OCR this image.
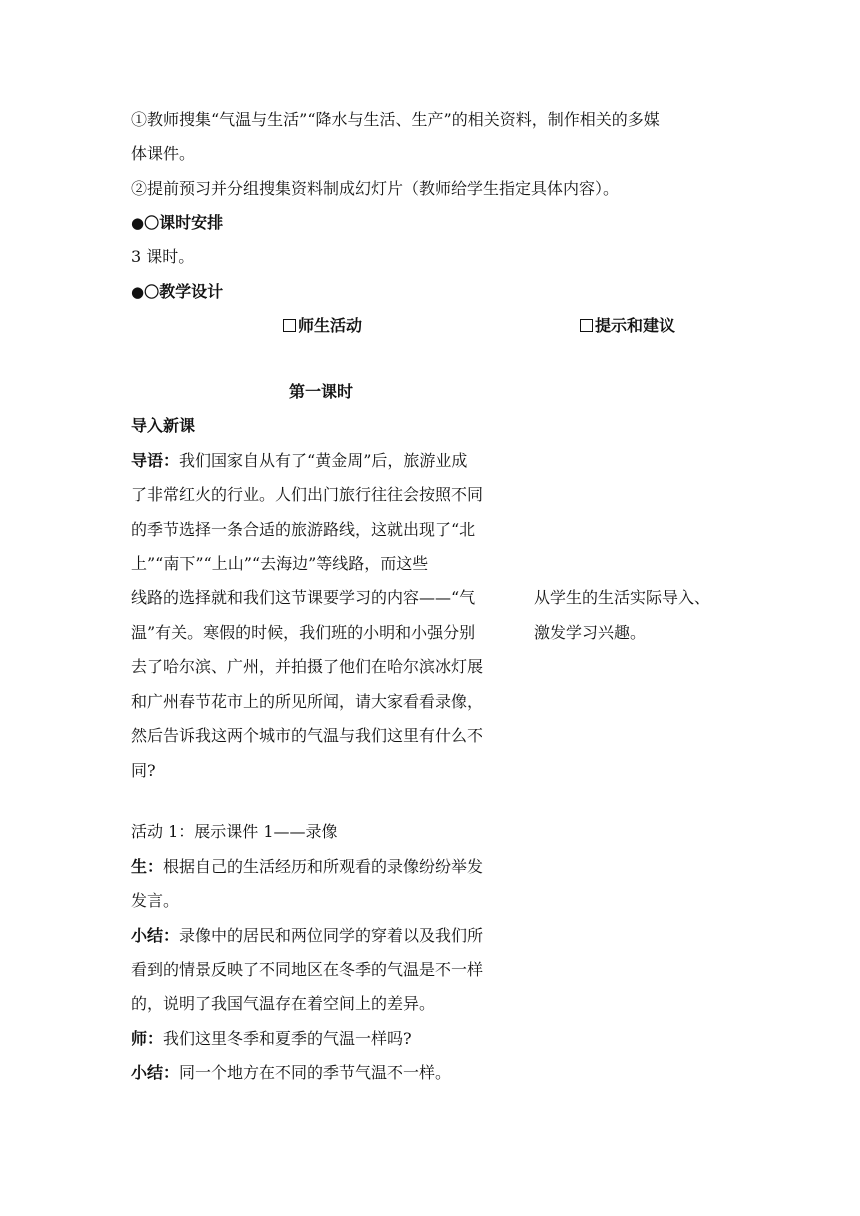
①教师搜集“气温与生活”“降水与生活、生产”的相关资料，制作相关的多媒
体课件。
②提前预习并分组搜集资料制成幻灯片（教师给学生指定具体内容）。
●〇课时安排
3 课时。
●〇教学设计
师生活动	提示和建议
第一课时
导入新课
导语：我们国家自从有了“黄金周”后，旅游业成
了非常红火的行业。人们出门旅行往往会按照不同
的季节选择一条合适的旅游路线，这就出现了“北
上”“南下”“上山”“去海边”等线路，而这些
线路的选择就和我们这节课要学习的内容——“气
温”有关。寒假的时候，我们班的小明和小强分别
去了哈尔滨、广州，并拍摄了他们在哈尔滨冰灯展
和广州春节花市上的所见所闻，请大家看看录像，
然后告诉我这两个城市的气温与我们这里有什么不
同?
从学生的生活实际导入、
激发学习兴趣。
活动 1：展示课件 1——录像
生：根据自己的生活经历和所观看的录像纷纷举发
发言。
小结：录像中的居民和两位同学的穿着以及我们所
看到的情景反映了不同地区在冬季的气温是不一样
的，说明了我国气温存在着空间上的差异。
师：我们这里冬季和夏季的气温一样吗?
小结：同一个地方在不同的季节气温不一样。
